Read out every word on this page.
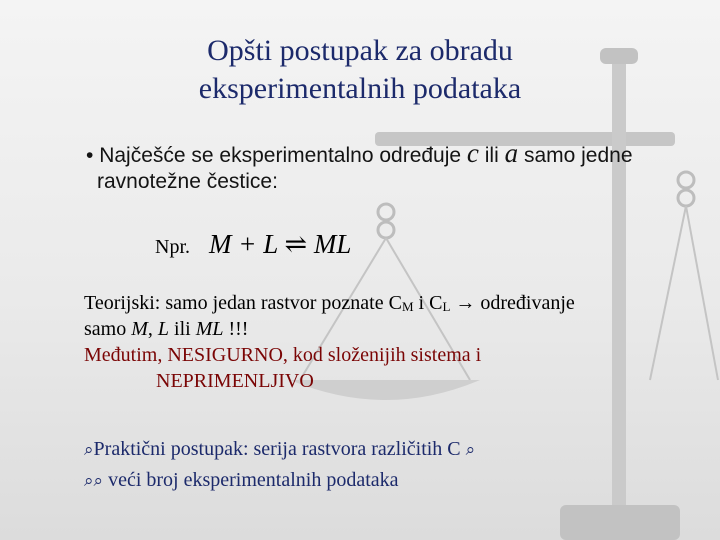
Opšti postupak za obradu
eksperimentalnih podataka
• Najčešće se eksperimentalno određuje c ili a samo jedne
ravnotežne čestice:
Npr. M + L ⇌ ML
Teorijski: samo jedan rastvor poznate $C_M$ i $C_L$ → određivanje
samo M, L ili ML !!!
Međutim, NESIGURNO, kod složenijih sistema i
NEPRIMENLJIVO
⌕Praktični postupak: serija rastvora različitih C ⌕
⌕⌕ veći broj eksperimentalnih podataka
